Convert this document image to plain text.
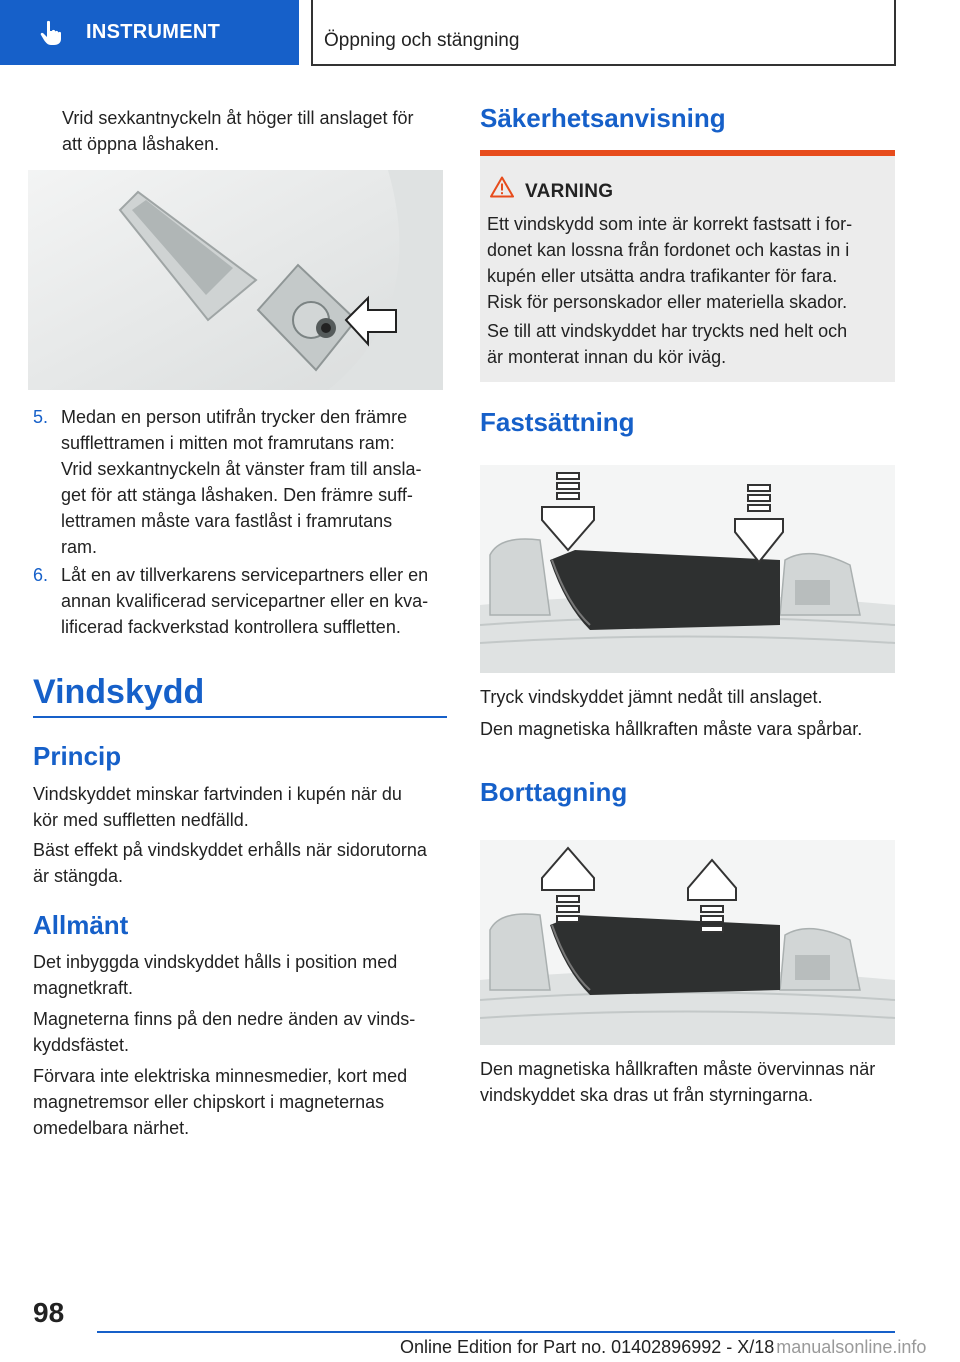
INSTRUMENT	Öppning och stängning
Vrid sexkantnyckeln åt höger till anslaget för
att öppna låshaken.
5. Medan en person utifrån trycker den främre
sufflettramen i mitten mot framrutans ram:
Vrid sexkantnyckeln åt vänster fram till ansla‐
get för att stänga låshaken. Den främre suff‐
lettramen måste vara fastlåst i framrutans
ram.
6. Låt en av tillverkarens servicepartners eller en
annan kvalificerad servicepartner eller en kva‐
lificerad fackverkstad kontrollera suffletten.
Vindskydd
Princip
Vindskyddet minskar fartvinden i kupén när du
kör med suffletten nedfälld.
Bäst effekt på vindskyddet erhålls när sidorutorna
är stängda.
Allmänt
Det inbyggda vindskyddet hålls i position med
magnetkraft.
Magneterna finns på den nedre änden av vinds‐
kyddsfästet.
Förvara inte elektriska minnesmedier, kort med
magnetremsor eller chipskort i magneternas
omedelbara närhet.
Säkerhetsanvisning
VARNING
Ett vindskydd som inte är korrekt fastsatt i for‐
donet kan lossna från fordonet och kastas in i
kupén eller utsätta andra trafikanter för fara.
Risk för personskador eller materiella skador.
Se till att vindskyddet har tryckts ned helt och
är monterat innan du kör iväg.
Fastsättning
Tryck vindskyddet jämnt nedåt till anslaget.
Den magnetiska hållkraften måste vara spårbar.
Borttagning
Den magnetiska hållkraften måste övervinnas när
vindskyddet ska dras ut från styrningarna.
98
Online Edition for Part no. 01402896992 - X/18 manualsonline.info
